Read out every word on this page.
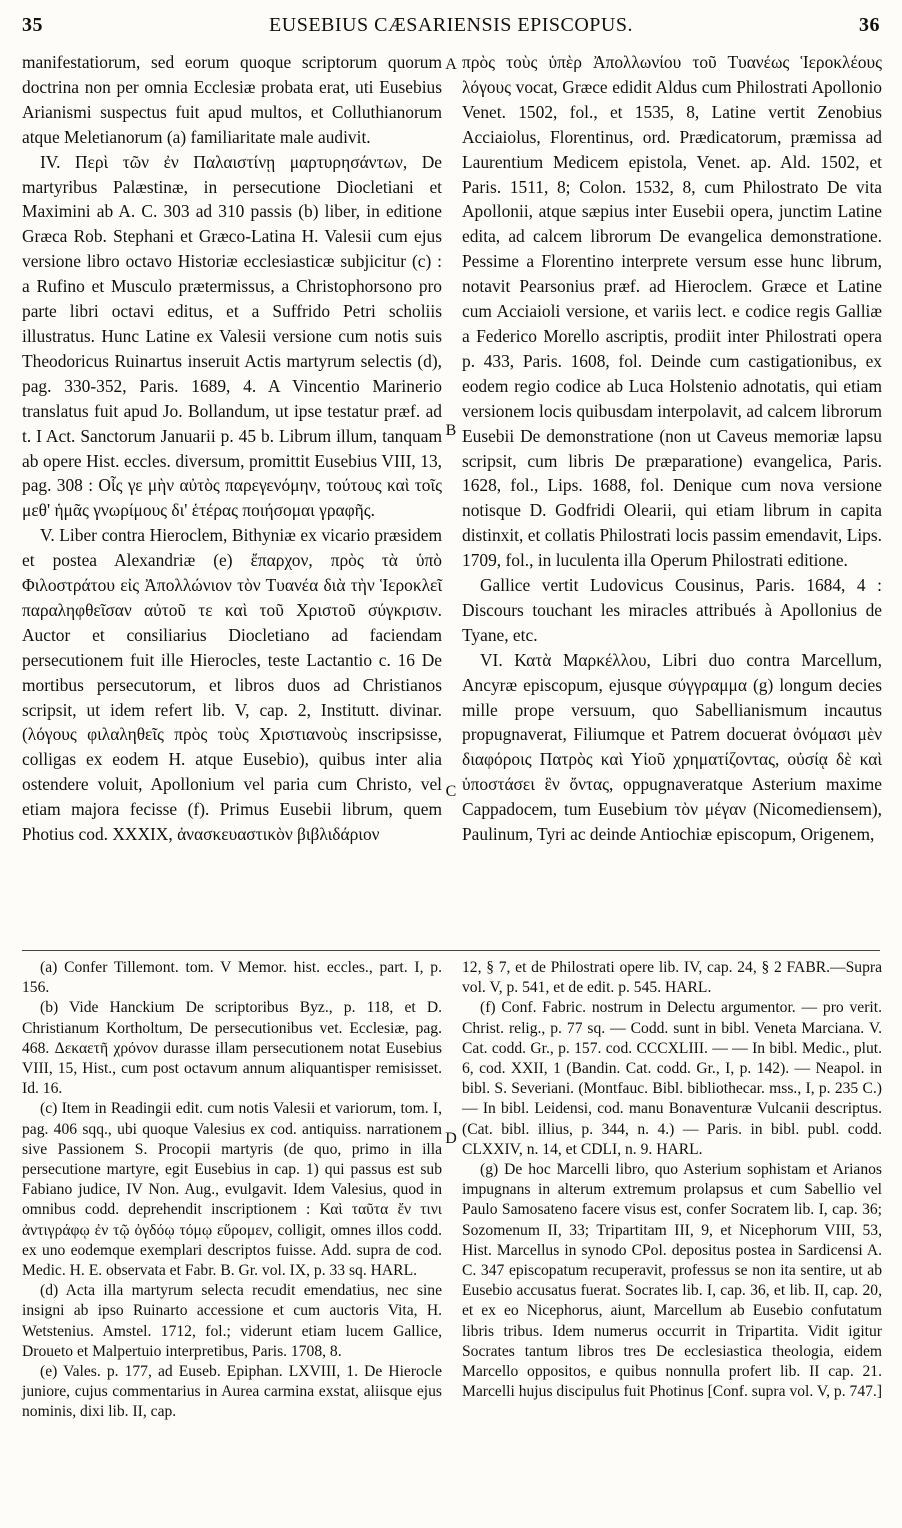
35	EUSEBIUS CÆSARIENSIS EPISCOPUS.	36

manifestatiorum, sed eorum quoque scriptorum quorum doctrina non per omnia Ecclesiæ probata erat, uti Eusebius Arianismi suspectus fuit apud multos, et Colluthianorum atque Meletianorum (a) familiaritate male audivit.

IV. Περὶ τῶν ἐν Παλαιστίνῃ μαρτυρησάντων, De martyribus Palæstinæ, in persecutione Diocletiani et Maximini ab A. C. 303 ad 310 passis (b) liber, in editione Græca Rob. Stephani et Græco-Latina H. Valesii cum ejus versione libro octavo Historiæ ecclesiasticæ subjicitur (c) : a Rufino et Musculo prætermissus, a Christophorsono pro parte libri octavi editus, et a Suffrido Petri scholiis illustratus. Hunc Latine ex Valesii versione cum notis suis Theodoricus Ruinartus inseruit Actis martyrum selectis (d), pag. 330-352, Paris. 1689, 4. A Vincentio Marinerio translatus fuit apud Jo. Bollandum, ut ipse testatur præf. ad t. I Act. Sanctorum Januarii p. 45 b. Librum illum, tanquam ab opere Hist. eccles. diversum, promittit Eusebius VIII, 13, pag. 308 : Οἷς γε μὴν αὐτὸς παρεγενόμην, τούτους καὶ τοῖς μεθ' ἡμᾶς γνωρίμους δι' ἑτέρας ποιήσομαι γραφῆς.

V. Liber contra Hieroclem, Bithyniæ ex vicario præsidem et postea Alexandriæ (e) ἔπαρχον, πρὸς τὰ ὑπὸ Φιλοστράτου εἰς Ἀπολλώνιον τὸν Τυανέα διὰ τὴν Ἱεροκλεῖ παραληφθεῖσαν αὐτοῦ τε καὶ τοῦ Χριστοῦ σύγκρισιν. Auctor et consiliarius Diocletiano ad faciendam persecutionem fuit ille Hierocles, teste Lactantio c. 16 De mortibus persecutorum, et libros duos ad Christianos scripsit, ut idem refert lib. V, cap. 2, Institutt. divinar. (λόγους φιλαληθεῖς πρὸς τοὺς Χριστιανοὺς inscripsisse, colligas ex eodem H. atque Eusebio), quibus inter alia ostendere voluit, Apollonium vel paria cum Christo, vel etiam majora fecisse (f). Primus Eusebii librum, quem Photius cod. XXXIX, ἀνασκευαστικὸν βιβλιδάριον

πρὸς τοὺς ὑπὲρ Ἀπολλωνίου τοῦ Τυανέως Ἱεροκλέους λόγους vocat, Græce edidit Aldus cum Philostrati Apollonio Venet. 1502, fol., et 1535, 8, Latine vertit Zenobius Acciaiolus, Florentinus, ord. Prædicatorum, præmissa ad Laurentium Medicem epistola, Venet. ap. Ald. 1502, et Paris. 1511, 8; Colon. 1532, 8, cum Philostrato De vita Apollonii, atque sæpius inter Eusebii opera, junctim Latine edita, ad calcem librorum De evangelica demonstratione. Pessime a Florentino interprete versum esse hunc librum, notavit Pearsonius præf. ad Hieroclem. Græce et Latine cum Acciaioli versione, et variis lect. e codice regis Galliæ a Federico Morello ascriptis, prodiit inter Philostrati opera p. 433, Paris. 1608, fol. Deinde cum castigationibus, ex eodem regio codice ab Luca Holstenio adnotatis, qui etiam versionem locis quibusdam interpolavit, ad calcem librorum Eusebii De demonstratione (non ut Caveus memoriæ lapsu scripsit, cum libris De præparatione) evangelica, Paris. 1628, fol., Lips. 1688, fol. Denique cum nova versione notisque D. Godfridi Olearii, qui etiam librum in capita distinxit, et collatis Philostrati locis passim emendavit, Lips. 1709, fol., in luculenta illa Operum Philostrati editione.

Gallice vertit Ludovicus Cousinus, Paris. 1684, 4 : Discours touchant les miracles attribués à Apollonius de Tyane, etc.

VI. Κατὰ Μαρκέλλου, Libri duo contra Marcellum, Ancyræ episcopum, ejusque σύγγραμμα (g) longum decies mille prope versuum, quo Sabellianismum incautus propugnaverat, Filiumque et Patrem docuerat ὀνόμασι μὲν διαφόροις Πατρὸς καὶ Υἱοῦ χρηματίζοντας, οὐσίᾳ δὲ καὶ ὑποστάσει ἓν ὄντας, oppugnaveratque Asterium maxime Cappadocem, tum Eusebium τὸν μέγαν (Nicomediensem), Paulinum, Tyri ac deinde Antiochiæ episcopum, Origenem,

A
B
C
D

(a) Confer Tillemont. tom. V Memor. hist. eccles., part. I, p. 156.

(b) Vide Hanckium De scriptoribus Byz., p. 118, et D. Christianum Kortholtum, De persecutionibus vet. Ecclesiæ, pag. 468. Δεκαετῆ χρόνον durasse illam persecutionem notat Eusebius VIII, 15, Hist., cum post octavum annum aliquantisper remisisset. Id. 16.

(c) Item in Readingii edit. cum notis Valesii et variorum, tom. I, pag. 406 sqq., ubi quoque Valesius ex cod. antiquiss. narrationem sive Passionem S. Procopii martyris (de quo, primo in illa persecutione martyre, egit Eusebius in cap. 1) qui passus est sub Fabiano judice, IV Non. Aug., evulgavit. Idem Valesius, quod in omnibus codd. deprehendit inscriptionem : Καὶ ταῦτα ἔν τινι ἀντιγράφῳ ἐν τῷ ὀγδόῳ τόμῳ εὕρομεν, colligit, omnes illos codd. ex uno eodemque exemplari descriptos fuisse. Add. supra de cod. Medic. H. E. observata et Fabr. B. Gr. vol. IX, p. 33 sq. HARL.

(d) Acta illa martyrum selecta recudit emendatius, nec sine insigni ab ipso Ruinarto accessione et cum auctoris Vita, H. Wetstenius. Amstel. 1712, fol.; viderunt etiam lucem Gallice, Droueto et Malpertuio interpretibus, Paris. 1708, 8.

(e) Vales. p. 177, ad Euseb. Epiphan. LXVIII, 1. De Hierocle juniore, cujus commentarius in Aurea carmina exstat, aliisque ejus nominis, dixi lib. II, cap.

12, § 7, et de Philostrati opere lib. IV, cap. 24, § 2 FABR.—Supra vol. V, p. 541, et de edit. p. 545. HARL.

(f) Conf. Fabric. nostrum in Delectu argumentor. — pro verit. Christ. relig., p. 77 sq. — Codd. sunt in bibl. Veneta Marciana. V. Cat. codd. Gr., p. 157. cod. CCCXLIII. — — In bibl. Medic., plut. 6, cod. XXII, 1 (Bandin. Cat. codd. Gr., I, p. 142). — Neapol. in bibl. S. Severiani. (Montfauc. Bibl. bibliothecar. mss., I, p. 235 C.) — In bibl. Leidensi, cod. manu Bonaventuræ Vulcanii descriptus. (Cat. bibl. illius, p. 344, n. 4.) — Paris. in bibl. publ. codd. CLXXIV, n. 14, et CDLI, n. 9. HARL.

(g) De hoc Marcelli libro, quo Asterium sophistam et Arianos impugnans in alterum extremum prolapsus et cum Sabellio vel Paulo Samosateno facere visus est, confer Socratem lib. I, cap. 36; Sozomenum II, 33; Tripartitam III, 9, et Nicephorum VIII, 53, Hist. Marcellus in synodo CPol. depositus postea in Sardicensi A. C. 347 episcopatum recuperavit, professus se non ita sentire, ut ab Eusebio accusatus fuerat. Socrates lib. I, cap. 36, et lib. II, cap. 20, et ex eo Nicephorus, aiunt, Marcellum ab Eusebio confutatum libris tribus. Idem numerus occurrit in Tripartita. Vidit igitur Socrates tantum libros tres De ecclesiastica theologia, eidem Marcello oppositos, e quibus nonnulla profert lib. II cap. 21. Marcelli hujus discipulus fuit Photinus [Conf. supra vol. V, p. 747.]
